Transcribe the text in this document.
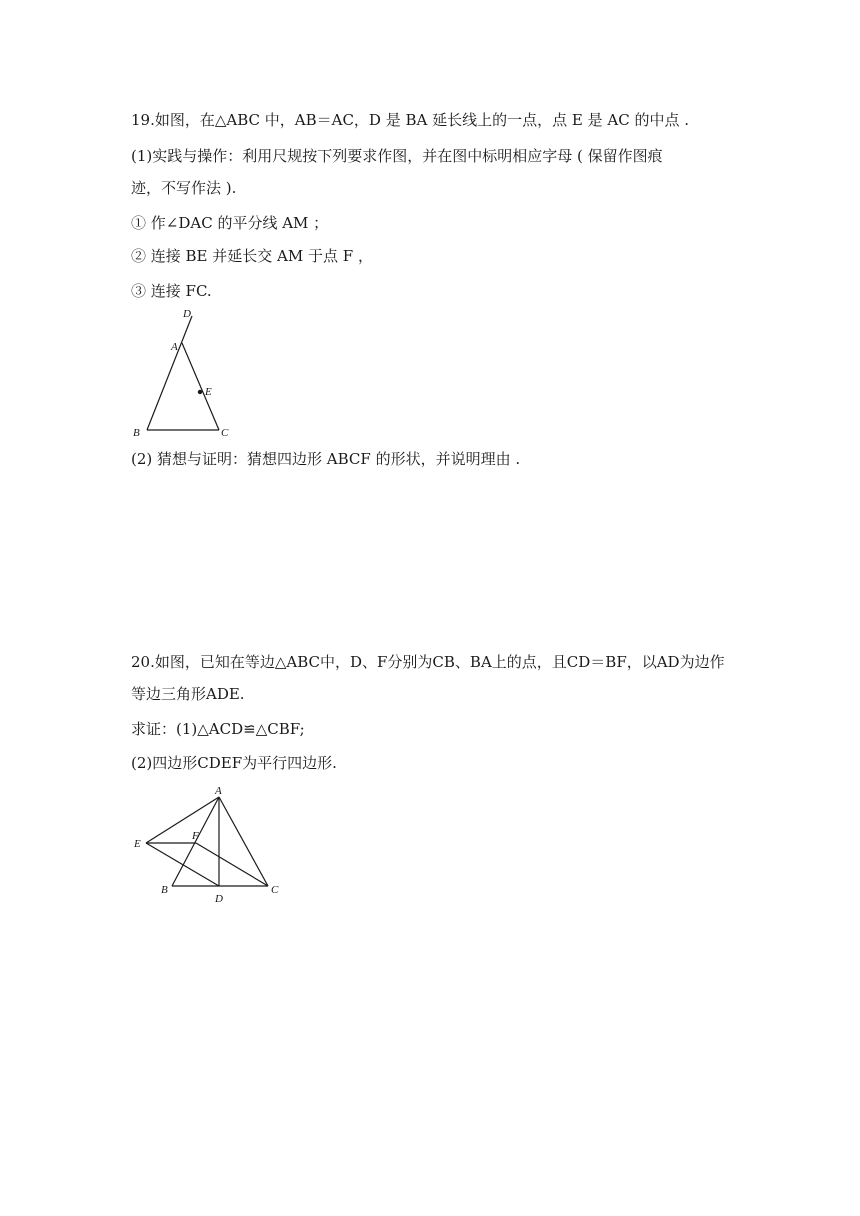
19.如图，在△ABC 中，AB＝AC，D 是 BA 延长线上的一点，点 E 是 AC 的中点 .
(1)实践与操作：利用尺规按下列要求作图，并在图中标明相应字母 ( 保留作图痕
迹，不写作法 ).
① 作∠DAC 的平分线 AM ；
② 连接 BE 并延长交 AM 于点 F ，
③ 连接 FC.
D
A
E
B	C
(2) 猜想与证明：猜想四边形 ABCF 的形状，并说明理由 .
20.如图，已知在等边△ABC中，D、F分别为CB、BA上的点，且CD＝BF，以AD为边作
等边三角形ADE.
求证：(1)△ACD≌△CBF;
(2)四边形CDEF为平行四边形.
A
E
F
B
D
C
